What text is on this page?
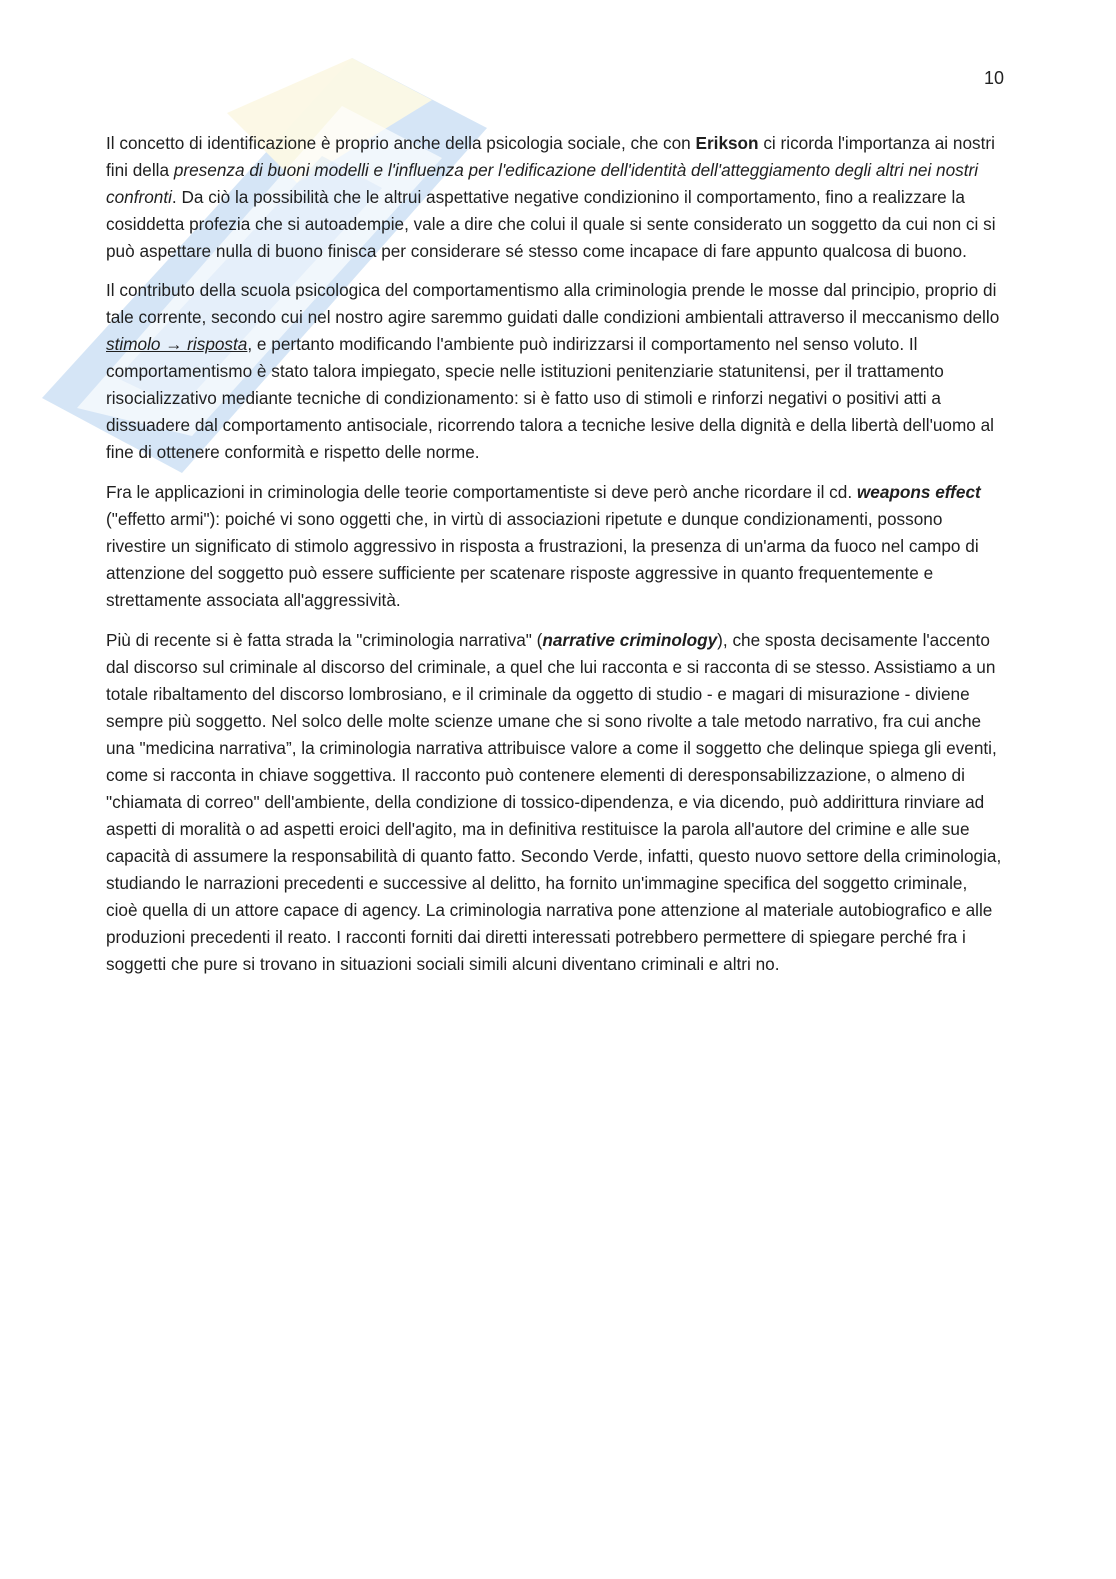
10

Il concetto di identificazione è proprio anche della psicologia sociale, che con Erikson ci ricorda l'importanza ai nostri fini della presenza di buoni modelli e l'influenza per l'edificazione dell'identità dell'atteggiamento degli altri nei nostri confronti. Da ciò la possibilità che le altrui aspettative negative condizionino il comportamento, fino a realizzare la cosiddetta profezia che si autoadempie, vale a dire che colui il quale si sente considerato un soggetto da cui non ci si può aspettare nulla di buono finisca per considerare sé stesso come incapace di fare appunto qualcosa di buono.

Il contributo della scuola psicologica del comportamentismo alla criminologia prende le mosse dal principio, proprio di tale corrente, secondo cui nel nostro agire saremmo guidati dalle condizioni ambientali attraverso il meccanismo dello stimolo → risposta, e pertanto modificando l'ambiente può indirizzarsi il comportamento nel senso voluto. Il comportamentismo è stato talora impiegato, specie nelle istituzioni penitenziarie statunitensi, per il trattamento risocializzativo mediante tecniche di condizionamento: si è fatto uso di stimoli e rinforzi negativi o positivi atti a dissuadere dal comportamento antisociale, ricorrendo talora a tecniche lesive della dignità e della libertà dell'uomo al fine di ottenere conformità e rispetto delle norme.

Fra le applicazioni in criminologia delle teorie comportamentiste si deve però anche ricordare il cd. weapons effect ("effetto armi"): poiché vi sono oggetti che, in virtù di associazioni ripetute e dunque condizionamenti, possono rivestire un significato di stimolo aggressivo in risposta a frustrazioni, la presenza di un'arma da fuoco nel campo di attenzione del soggetto può essere sufficiente per scatenare risposte aggressive in quanto frequentemente e strettamente associata all'aggressività.

Più di recente si è fatta strada la "criminologia narrativa" (narrative criminology), che sposta decisamente l'accento dal discorso sul criminale al discorso del criminale, a quel che lui racconta e si racconta di se stesso. Assistiamo a un totale ribaltamento del discorso lombrosiano, e il criminale da oggetto di studio - e magari di misurazione - diviene sempre più soggetto. Nel solco delle molte scienze umane che si sono rivolte a tale metodo narrativo, fra cui anche una "medicina narrativa”, la criminologia narrativa attribuisce valore a come il soggetto che delinque spiega gli eventi, come si racconta in chiave soggettiva. Il racconto può contenere elementi di deresponsabilizzazione, o almeno di "chiamata di correo" dell'ambiente, della condizione di tossico-dipendenza, e via dicendo, può addirittura rinviare ad aspetti di moralità o ad aspetti eroici dell'agito, ma in definitiva restituisce la parola all'autore del crimine e alle sue capacità di assumere la responsabilità di quanto fatto. Secondo Verde, infatti, questo nuovo settore della criminologia, studiando le narrazioni precedenti e successive al delitto, ha fornito un'immagine specifica del soggetto criminale, cioè quella di un attore capace di agency. La criminologia narrativa pone attenzione al materiale autobiografico e alle produzioni precedenti il reato. I racconti forniti dai diretti interessati potrebbero permettere di spiegare perché fra i soggetti che pure si trovano in situazioni sociali simili alcuni diventano criminali e altri no.
